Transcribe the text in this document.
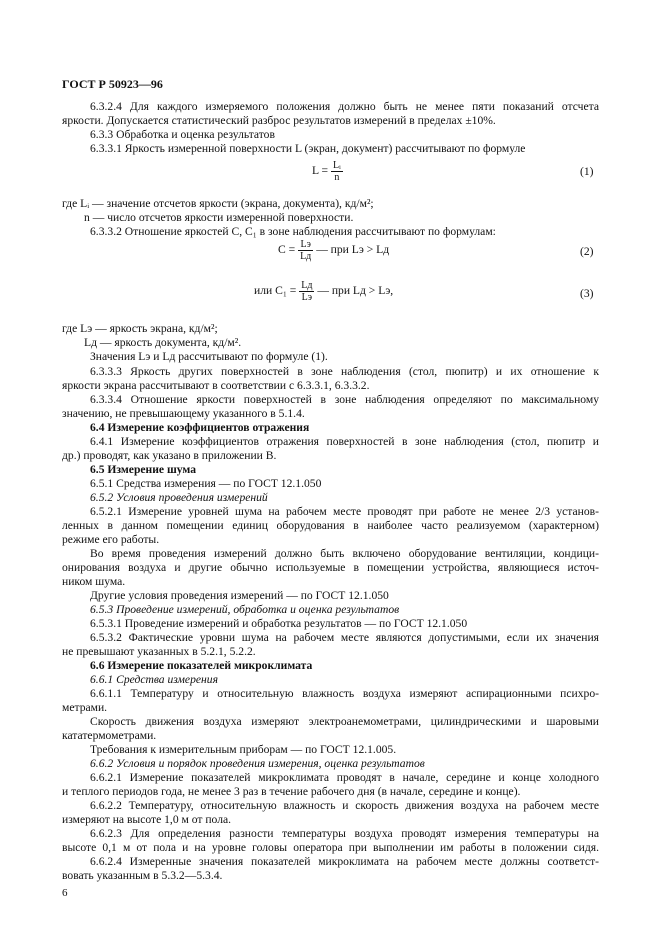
ГОСТ Р 50923—96
6.3.2.4 Для каждого измеряемого положения должно быть не менее пяти показаний отсчета
яркости. Допускается статистический разброс результатов измерений в пределах ±10%.
6.3.3 Обработка и оценка результатов
6.3.3.1 Яркость измеренной поверхности L (экран, документ) рассчитывают по формуле
где Lᵢ — значение отсчетов яркости (экрана, документа), кд/м²;
n — число отсчетов яркости измеренной поверхности.
6.3.3.2 Отношение яркостей C, C₁ в зоне наблюдения рассчитывают по формулам:
где Lэ — яркость экрана, кд/м²;
Lд — яркость документа, кд/м².
Значения Lэ и Lд рассчитывают по формуле (1).
6.3.3.3 Яркость других поверхностей в зоне наблюдения (стол, пюпитр) и их отношение к
яркости экрана рассчитывают в соответствии с 6.3.3.1, 6.3.3.2.
6.3.3.4 Отношение яркости поверхностей в зоне наблюдения определяют по максимальному
значению, не превышающему указанного в 5.1.4.
6.4 Измерение коэффициентов отражения
6.4.1 Измерение коэффициентов отражения поверхностей в зоне наблюдения (стол, пюпитр и
др.) проводят, как указано в приложении В.
6.5 Измерение шума
6.5.1 Средства измерения — по ГОСТ 12.1.050
6.5.2 Условия проведения измерений
6.5.2.1 Измерение уровней шума на рабочем месте проводят при работе не менее 2/3 установ-
ленных в данном помещении единиц оборудования в наиболее часто реализуемом (характерном)
режиме его работы.
Во время проведения измерений должно быть включено оборудование вентиляции, кондици-
онирования воздуха и другие обычно используемые в помещении устройства, являющиеся источ-
ником шума.
Другие условия проведения измерений — по ГОСТ 12.1.050
6.5.3 Проведение измерений, обработка и оценка результатов
6.5.3.1 Проведение измерений и обработка результатов — по ГОСТ 12.1.050
6.5.3.2 Фактические уровни шума на рабочем месте являются допустимыми, если их значения
не превышают указанных в 5.2.1, 5.2.2.
6.6 Измерение показателей микроклимата
6.6.1 Средства измерения
6.6.1.1 Температуру и относительную влажность воздуха измеряют аспирационными психро-
метрами.
Скорость движения воздуха измеряют электроанемометрами, цилиндрическими и шаровыми
кататермометрами.
Требования к измерительным приборам — по ГОСТ 12.1.005.
6.6.2 Условия и порядок проведения измерения, оценка результатов
6.6.2.1 Измерение показателей микроклимата проводят в начале, середине и конце холодного
и теплого периодов года, не менее 3 раз в течение рабочего дня (в начале, середине и конце).
6.6.2.2 Температуру, относительную влажность и скорость движения воздуха на рабочем месте
измеряют на высоте 1,0 м от пола.
6.6.2.3 Для определения разности температуры воздуха проводят измерения температуры на
высоте 0,1 м от пола и на уровне головы оператора при выполнении им работы в положении сидя.
6.6.2.4 Измеренные значения показателей микроклимата на рабочем месте должны соответст-
вовать указанным в 5.3.2—5.3.4.
$L = \frac{\text{Lᵢ}}{n}$	(1)
$C = \frac{Lэ}{Lд}$ — при Lэ > Lд	(2)
или $C_1 = \frac{Lд}{Lэ}$ — при Lд > Lэ,	(3)
6
